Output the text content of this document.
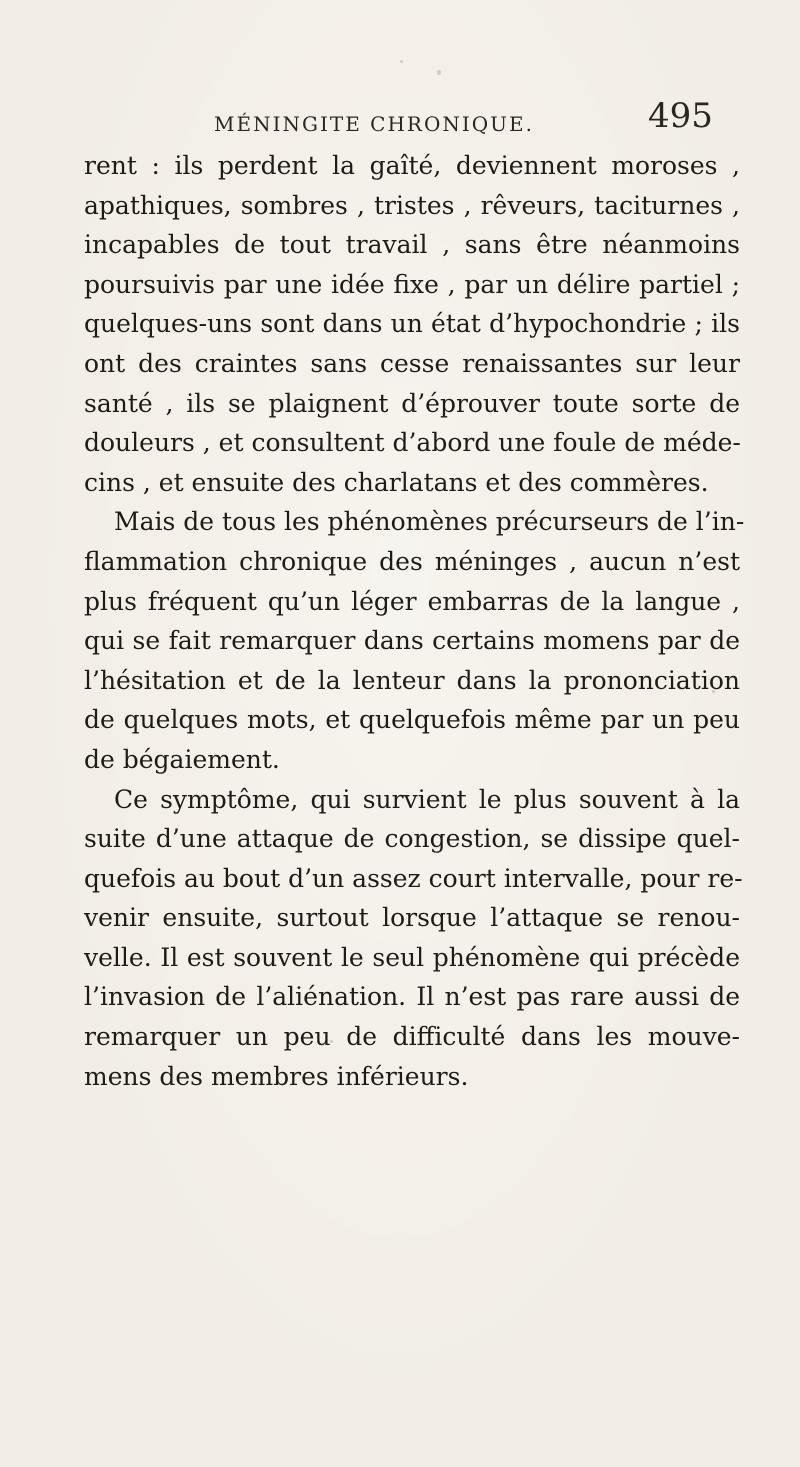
MÉNINGITE CHRONIQUE.	495

rent : ils perdent la gaîté, deviennent moroses ,
apathiques, sombres , tristes , rêveurs, taciturnes ,
incapables de tout travail , sans être néanmoins
poursuivis par une idée fixe , par un délire partiel ;
quelques-uns sont dans un état d’hypochondrie ; ils
ont des craintes sans cesse renaissantes sur leur
santé , ils se plaignent d’éprouver toute sorte de
douleurs , et consultent d’abord une foule de méde-
cins , et ensuite des charlatans et des commères.

Mais de tous les phénomènes précurseurs de l’in-
flammation chronique des méninges , aucun n’est
plus fréquent qu’un léger embarras de la langue ,
qui se fait remarquer dans certains momens par de
l’hésitation et de la lenteur dans la prononciation
de quelques mots, et quelquefois même par un peu
de bégaiement.

Ce symptôme, qui survient le plus souvent à la
suite d’une attaque de congestion, se dissipe quel-
quefois au bout d’un assez court intervalle, pour re-
venir ensuite, surtout lorsque l’attaque se renou-
velle. Il est souvent le seul phénomène qui précède
l’invasion de l’aliénation. Il n’est pas rare aussi de
remarquer un peu de difficulté dans les mouve-
mens des membres inférieurs.
